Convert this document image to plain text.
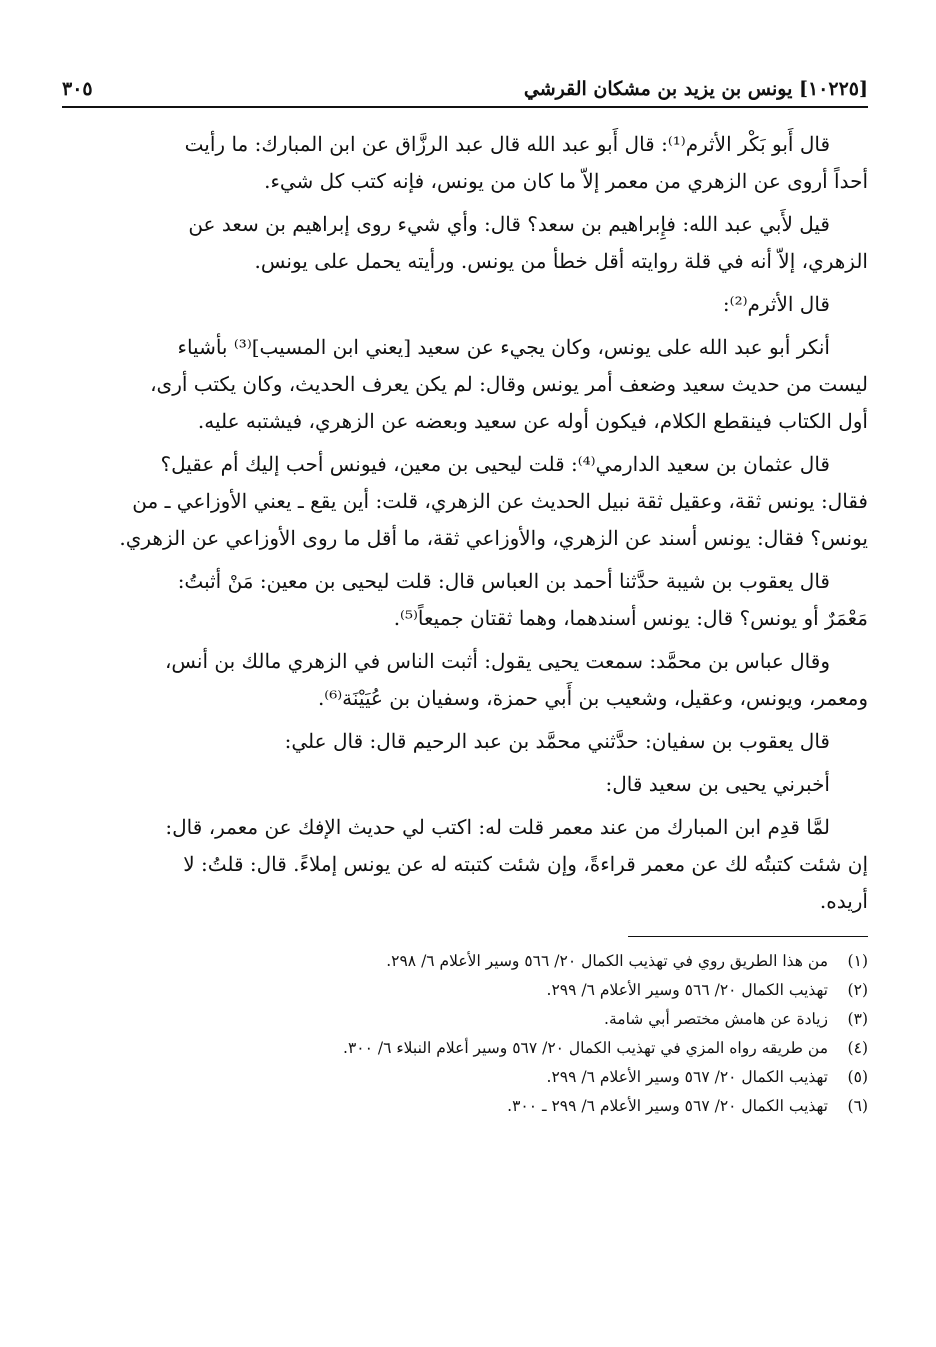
[١٠٢٢٥] يونس بن يزيد بن مشكان القرشي
٣٠٥
قال أَبو بَكْر الأثرم⁽¹⁾: قال أَبو عبد الله قال عبد الرزَّاق عن ابن المبارك: ما رأيت
أحداً أروى عن الزهري من معمر إلاّ ما كان من يونس، فإنه كتب كل شيء.
قيل لأَبي عبد الله: فإِبراهيم بن سعد؟ قال: وأي شيء روى إبراهيم بن سعد عن
الزهري، إلاّ أنه في قلة روايته أقل خطأ من يونس. ورأيته يحمل على يونس.
قال الأثرم⁽²⁾:
أنكر أبو عبد الله على يونس، وكان يجيء عن سعيد [يعني ابن المسيب]⁽³⁾ بأشياء
ليست من حديث سعيد وضعف أمر يونس وقال: لم يكن يعرف الحديث، وكان يكتب أرى،
أول الكتاب فينقطع الكلام، فيكون أوله عن سعيد وبعضه عن الزهري، فيشتبه عليه.
قال عثمان بن سعيد الدارمي⁽⁴⁾: قلت ليحيى بن معين، فيونس أحب إليك أم عقيل؟
فقال: يونس ثقة، وعقيل ثقة نبيل الحديث عن الزهري، قلت: أين يقع ـ يعني الأوزاعي ـ من
يونس؟ فقال: يونس أسند عن الزهري، والأوزاعي ثقة، ما أقل ما روى الأوزاعي عن الزهري.
قال يعقوب بن شيبة حدَّثنا أحمد بن العباس قال: قلت ليحيى بن معين: مَنْ أثبتُ:
مَعْمَرٌ أو يونس؟ قال: يونس أسندهما، وهما ثقتان جميعاً⁽⁵⁾.
وقال عباس بن محمَّد: سمعت يحيى يقول: أثبت الناس في الزهري مالك بن أنس،
ومعمر، ويونس، وعقيل، وشعيب بن أَبي حمزة، وسفيان بن عُيَيْنَة⁽⁶⁾.
قال يعقوب بن سفيان: حدَّثني محمَّد بن عبد الرحيم قال: قال علي:
أخبرني يحيى بن سعيد قال:
لمَّا قدِم ابن المبارك من عند معمر قلت له: اكتب لي حديث الإفك عن معمر، قال:
إن شئت كتبتُه لك عن معمر قراءةً، وإن شئت كتبته له عن يونس إملاءً. قال: قلتُ: لا
أريده.
(١)
من هذا الطريق روي في تهذيب الكمال ٢٠/ ٥٦٦ وسير الأعلام ٦/ ٢٩٨.
(٢)
تهذيب الكمال ٢٠/ ٥٦٦ وسير الأعلام ٦/ ٢٩٩.
(٣)
زيادة عن هامش مختصر أبي شامة.
(٤)
من طريقه رواه المزي في تهذيب الكمال ٢٠/ ٥٦٧ وسير أعلام النبلاء ٦/ ٣٠٠.
(٥)
تهذيب الكمال ٢٠/ ٥٦٧ وسير الأعلام ٦/ ٢٩٩.
(٦)
تهذيب الكمال ٢٠/ ٥٦٧ وسير الأعلام ٦/ ٢٩٩ ـ ٣٠٠.
